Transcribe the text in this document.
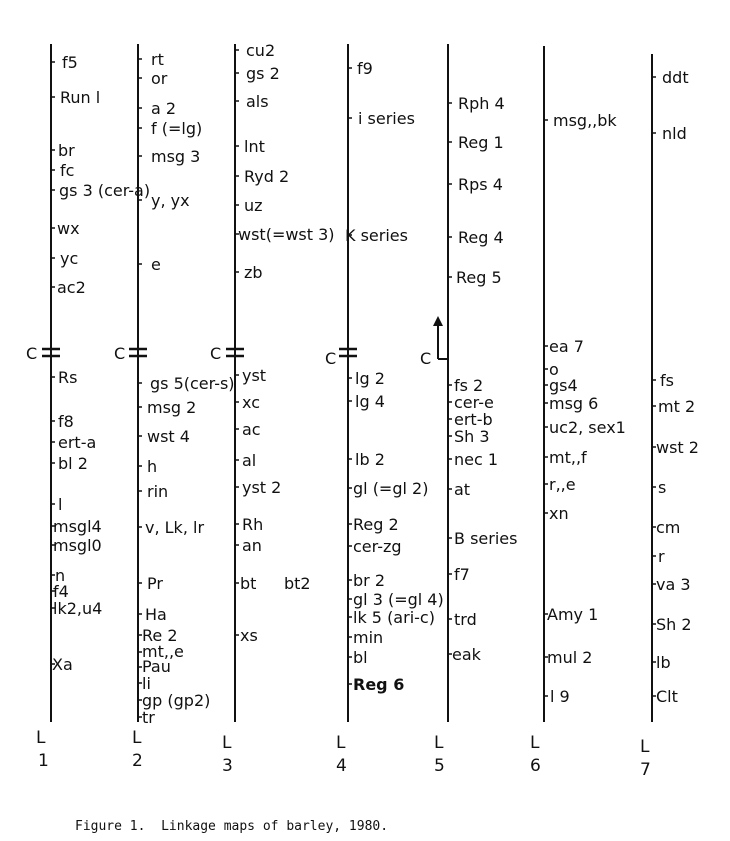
C
f5
Run l
br
fc
gs 3 (cer-a)
wx
yc
ac2
Rs
f8
ert-a
bl 2
l
msgl4
msgl0
n
f4
lk2,u4
Xa
L
1
C
rt
or
a 2
f (=lg)
msg 3
y, yx
e
gs 5(cer-s)
msg 2
wst 4
h
rin
v, Lk, lr
Pr
Ha
Re 2
mt,,e
Pau
li
gp (gp2)
tr
L
2
C
cu2
gs 2
als
lnt
Ryd 2
uz
wst(=wst 3)
zb
yst
xc
ac
al
yst 2
Rh
an
bt bt2
xs
L
3
C
f9
i series
K series
lg 2
lg 4
lb 2
gl (=gl 2)
Reg 2
cer-zg
br 2
gl 3 (=gl 4)
lk 5 (ari-c)
min
bl
Reg 6
L
4
C
Rph 4
Reg 1
Rps 4
Reg 4
Reg 5
fs 2
cer-e
ert-b
Sh 3
nec 1
at
B series
f7
trd
eak
L
5
msg,,bk
ea 7
o
gs4
msg 6
uc2, sex1
mt,,f
r,,e
xn
Amy 1
mul 2
l 9
L
6
ddt
nld
fs
mt 2
wst 2
s
cm
r
va 3
Sh 2
lb
Clt
L
7
Figure 1.  Linkage maps of barley, 1980.
